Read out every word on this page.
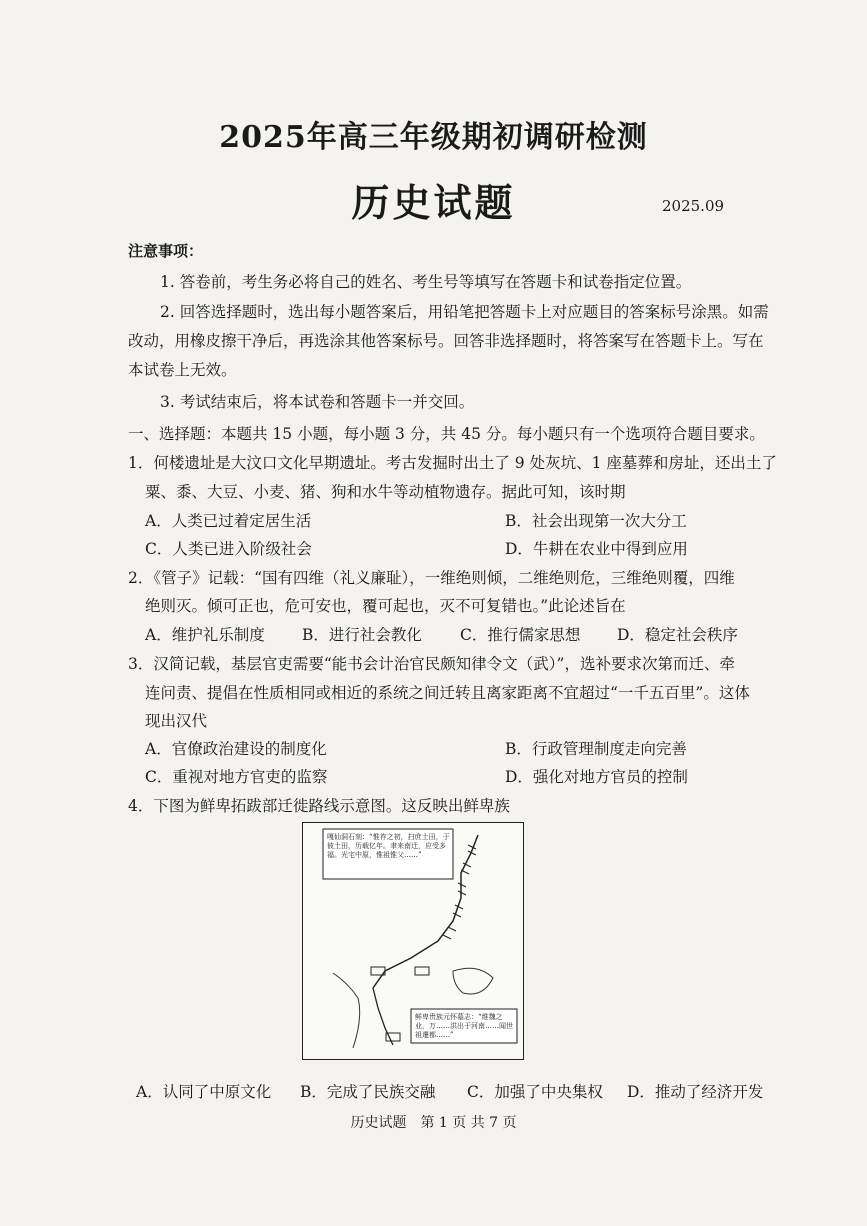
2025年高三年级期初调研检测
历史试题	2025.09
注意事项：
1. 答卷前，考生务必将自己的姓名、考生号等填写在答题卡和试卷指定位置。
2. 回答选择题时，选出每小题答案后，用铅笔把答题卡上对应题目的答案标号涂黑。如需
改动，用橡皮擦干净后，再选涂其他答案标号。回答非选择题时，将答案写在答题卡上。写在
本试卷上无效。
3. 考试结束后，将本试卷和答题卡一并交回。
一、选择题：本题共 15 小题，每小题 3 分，共 45 分。每小题只有一个选项符合题目要求。
1．何楼遗址是大汶口文化早期遗址。考古发掘时出土了 9 处灰坑、1 座墓葬和房址，还出土了
粟、黍、大豆、小麦、猪、狗和水牛等动植物遗存。据此可知，该时期
A．人类已过着定居生活	B．社会出现第一次大分工
C．人类已进入阶级社会	D．牛耕在农业中得到应用
2．《管子》记载：“国有四维（礼义廉耻），一维绝则倾，二维绝则危，三维绝则覆，四维
绝则灭。倾可正也，危可安也，覆可起也，灭不可复错也。”此论述旨在
A．维护礼乐制度 B．进行社会教化 C．推行儒家思想 D．稳定社会秩序
3．汉简记载，基层官吏需要“能书会计治官民颇知律令文（武）”，选补要求次第而迁、牵
连问责、提倡在性质相同或相近的系统之间迁转且离家距离不宜超过“一千五百里”。这体
现出汉代
A．官僚政治建设的制度化	B．行政管理制度走向完善
C．重视对地方官吏的监察	D．强化对地方官员的控制
4．下图为鲜卑拓跋部迁徙路线示意图。这反映出鲜卑族
嘎仙洞石刻：“惟祚之初，扫庶土田，于彼土田，历载亿年。聿来南迁，应受多福。光宅中原，惟祖惟父……”
鲜卑贵族元怀墓志：“维魏之业，万……洪出于河南……闻世祖遷都……”
A．认同了中原文化 B．完成了民族交融 C．加强了中央集权 D．推动了经济开发
历史试题　第 1 页 共 7 页
